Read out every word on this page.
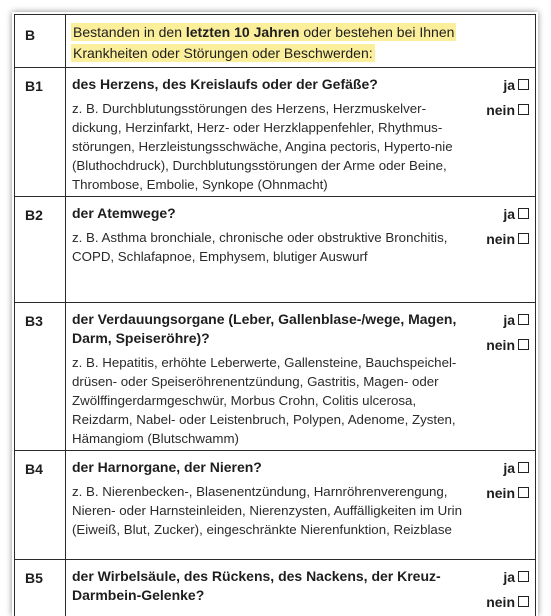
B	Bestanden in den letzten 10 Jahren oder bestehen bei Ihnen Krankheiten oder Störungen oder Beschwerden:
B1 des Herzens, des Kreislaufs oder der Gefäße?

z. B. Durchblutungsstörungen des Herzens, Herzmuskelver-dickung, Herzinfarkt, Herz- oder Herzklappenfehler, Rhythmus-störungen, Herzleistungsschwäche, Angina pectoris, Hyperto-nie (Bluthochdruck), Durchblutungsstörungen der Arme oder Beine, Thrombose, Embolie, Synkope (Ohnmacht)

ja
nein
B2 der Atemwege?

z. B. Asthma bronchiale, chronische oder obstruktive Bronchitis, COPD, Schlafapnoe, Emphysem, blutiger Auswurf

ja
nein
B3 der Verdauungsorgane (Leber, Gallenblase-/wege, Magen, Darm, Speiseröhre)?

z. B. Hepatitis, erhöhte Leberwerte, Gallensteine, Bauchspeichel-drüsen- oder Speiseröhrenentzündung, Gastritis, Magen- oder Zwölffingerdarmgeschwür, Morbus Crohn, Colitis ulcerosa, Reizdarm, Nabel- oder Leistenbruch, Polypen, Adenome, Zysten, Hämangiom (Blutschwamm)

ja
nein
B4 der Harnorgane, der Nieren?

z. B. Nierenbecken-, Blasenentzündung, Harnröhrenverengung, Nieren- oder Harnsteinleiden, Nierenzysten, Auffälligkeiten im Urin (Eiweiß, Blut, Zucker), eingeschränkte Nierenfunktion, Reizblase

ja
nein
B5 der Wirbelsäule, des Rückens, des Nackens, der Kreuz-Darmbein-Gelenke?

ja
nein
